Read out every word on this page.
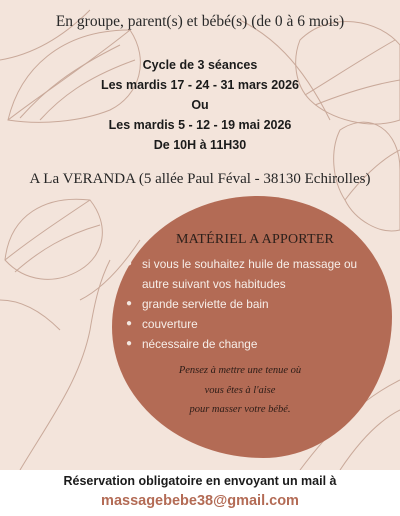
En groupe, parent(s) et bébé(s) (de 0 à 6 mois)
Cycle de 3 séances
Les mardis 17 - 24 - 31 mars 2026
Ou
Les mardis 5 - 12 - 19 mai 2026
De 10H à 11H30
A La VERANDA (5 allée Paul Féval - 38130 Echirolles)
MATÉRIEL A APPORTER
● si vous le souhaitez huile de massage ou
autre suivant vos habitudes
● grande serviette de bain
● couverture
● nécessaire de change
Pensez à mettre une tenue où
vous êtes à l'aise
pour masser votre bébé.
Réservation obligatoire en envoyant un mail à
massagebebe38@gmail.com
